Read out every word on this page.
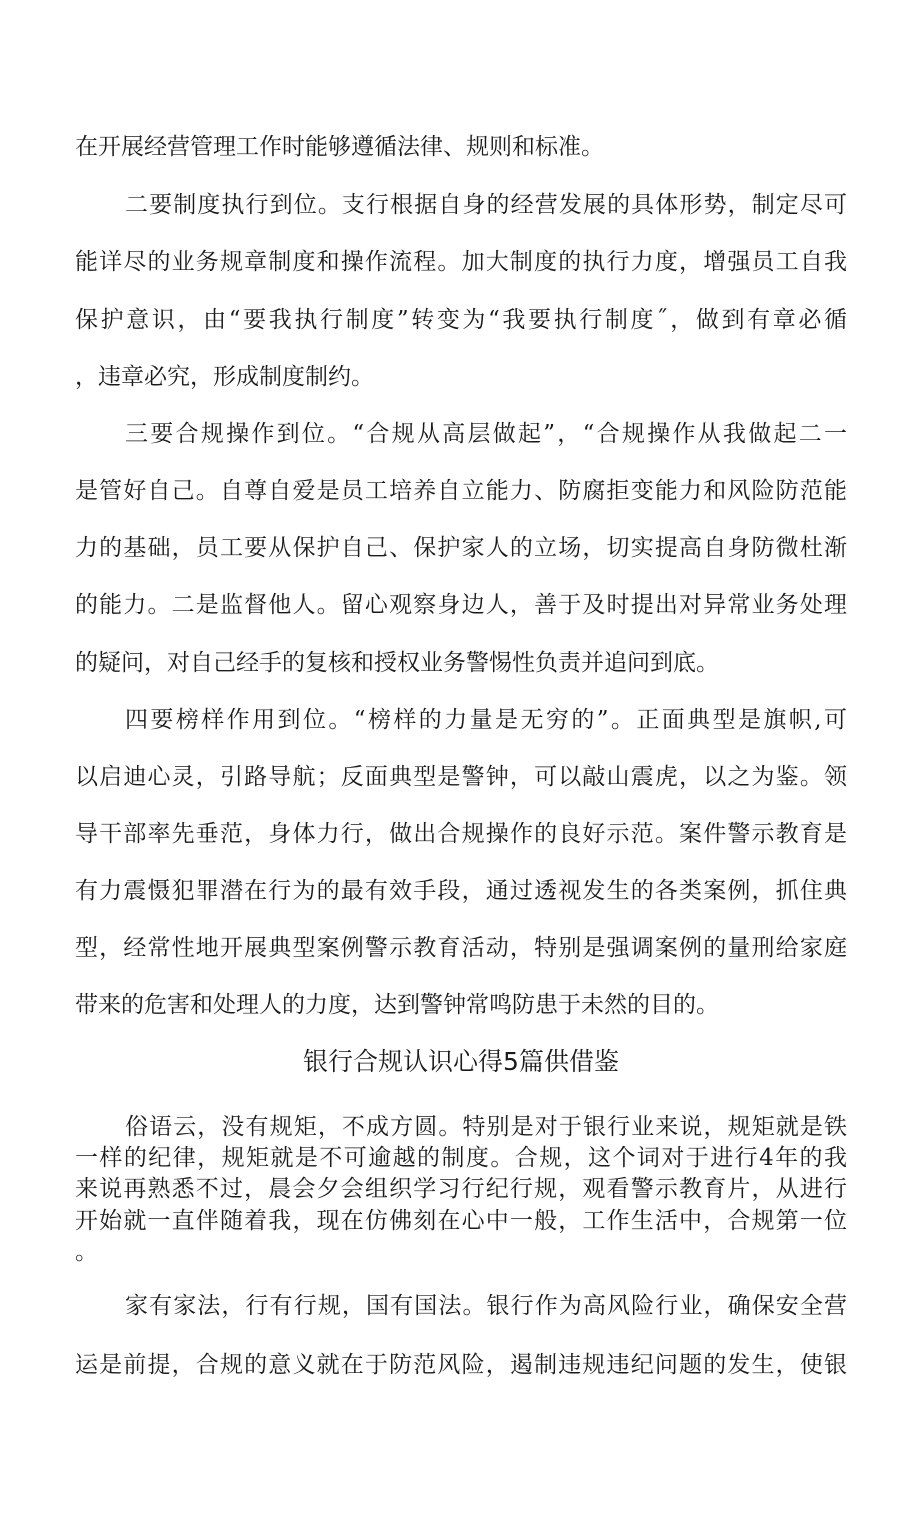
在开展经营管理工作时能够遵循法律、规则和标准。
二要制度执行到位。支行根据自身的经营发展的具体形势，制定尽可
能详尽的业务规章制度和操作流程。加大制度的执行力度，增强员工自我
保护意识，由“要我执行制度”转变为“我要执行制度˝，做到有章必循
，违章必究，形成制度制约。
三要合规操作到位。“合规从高层做起”，“合规操作从我做起二一
是管好自己。自尊自爱是员工培养自立能力、防腐拒变能力和风险防范能
力的基础，员工要从保护自己、保护家人的立场，切实提高自身防微杜渐
的能力。二是监督他人。留心观察身边人，善于及时提出对异常业务处理
的疑问，对自己经手的复核和授权业务警惕性负责并追问到底。
四要榜样作用到位。“榜样的力量是无穷的”。正面典型是旗帜,可
以启迪心灵，引路导航；反面典型是警钟，可以敲山震虎，以之为鉴。领
导干部率先垂范，身体力行，做出合规操作的良好示范。案件警示教育是
有力震慑犯罪潜在行为的最有效手段，通过透视发生的各类案例，抓住典
型，经常性地开展典型案例警示教育活动，特别是强调案例的量刑给家庭
带来的危害和处理人的力度，达到警钟常鸣防患于未然的目的。
银行合规认识心得5篇供借鉴
俗语云，没有规矩，不成方圆。特别是对于银行业来说，规矩就是铁
一样的纪律，规矩就是不可逾越的制度。合规，这个词对于进行4年的我
来说再熟悉不过，晨会夕会组织学习行纪行规，观看警示教育片，从进行
开始就一直伴随着我，现在仿佛刻在心中一般，工作生活中，合规第一位
。
家有家法，行有行规，国有国法。银行作为高风险行业，确保安全营
运是前提，合规的意义就在于防范风险，遏制违规违纪问题的发生，使银
